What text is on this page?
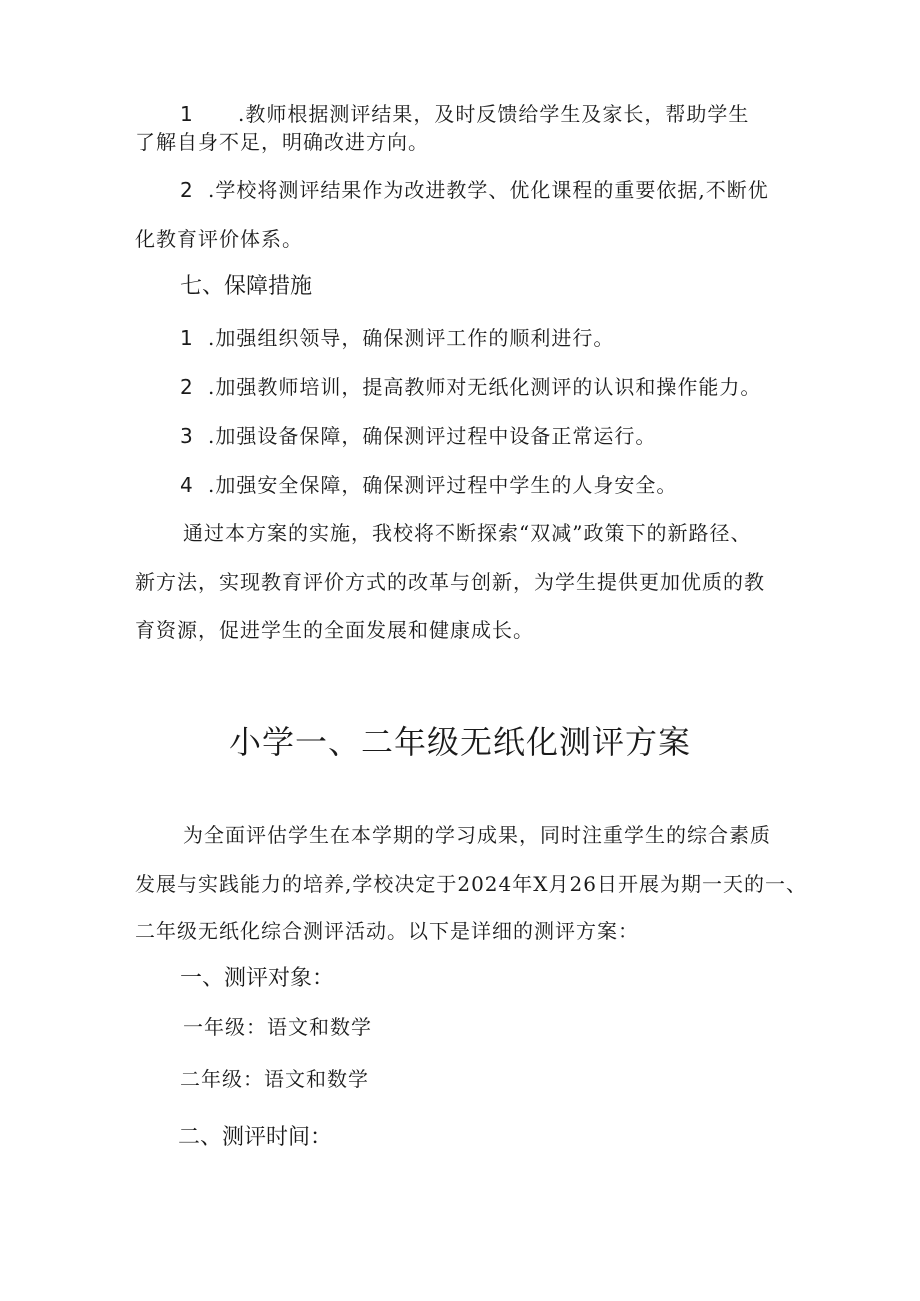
1 .教师根据测评结果，及时反馈给学生及家长，帮助学生
了解自身不足，明确改进方向。
2 .学校将测评结果作为改进教学、优化课程的重要依据,不断优
化教育评价体系。
七、保障措施
1 .加强组织领导，确保测评工作的顺利进行。
2 .加强教师培训，提高教师对无纸化测评的认识和操作能力。
3 .加强设备保障，确保测评过程中设备正常运行。
4 .加强安全保障，确保测评过程中学生的人身安全。
通过本方案的实施，我校将不断探索“双减”政策下的新路径、
新方法，实现教育评价方式的改革与创新，为学生提供更加优质的教
育资源，促进学生的全面发展和健康成长。
小学一、二年级无纸化测评方案
为全面评估学生在本学期的学习成果，同时注重学生的综合素质
发展与实践能力的培养,学校决定于2024年X月26日开展为期一天的一、
二年级无纸化综合测评活动。以下是详细的测评方案：
一、测评对象：
一年级：语文和数学
二年级：语文和数学
二、测评时间：
